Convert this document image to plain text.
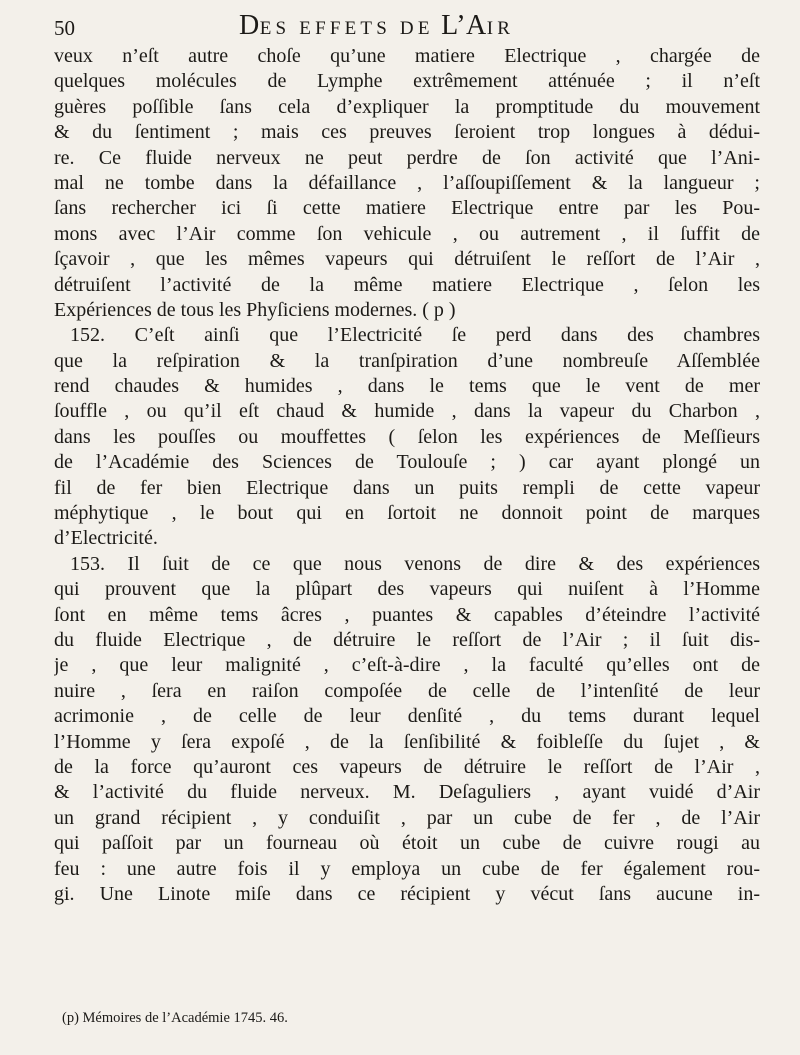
50	DES EFFETS DE L’AIR
veux n’eſt autre choſe qu’une matiere Electrique , chargée de
quelques molécules de Lymphe extrêmement atténuée ; il n’eſt
guères poſſible ſans cela d’expliquer la promptitude du mouvement
& du ſentiment ; mais ces preuves ſeroient trop longues à dédui-
re. Ce fluide nerveux ne peut perdre de ſon activité que l’Ani-
mal ne tombe dans la défaillance , l’aſſoupiſſement & la langueur ;
ſans rechercher ici ſi cette matiere Electrique entre par les Pou-
mons avec l’Air comme ſon vehicule , ou autrement , il ſuffit de
ſçavoir , que les mêmes vapeurs qui détruiſent le reſſort de l’Air ,
détruiſent l’activité de la même matiere Electrique , ſelon les
Expériences de tous les Phyſiciens modernes. ( p )
152. C’eſt ainſi que l’Electricité ſe perd dans des chambres
que la reſpiration & la tranſpiration d’une nombreuſe Aſſemblée
rend chaudes & humides , dans le tems que le vent de mer
ſouffle , ou qu’il eſt chaud & humide , dans la vapeur du Charbon ,
dans les pouſſes ou mouffettes ( ſelon les expériences de Meſſieurs
de l’Académie des Sciences de Toulouſe ; ) car ayant plongé un
fil de fer bien Electrique dans un puits rempli de cette vapeur
méphytique , le bout qui en ſortoit ne donnoit point de marques
d’Electricité.
153. Il ſuit de ce que nous venons de dire & des expériences
qui prouvent que la plûpart des vapeurs qui nuiſent à l’Homme
ſont en même tems âcres , puantes & capables d’éteindre l’activité
du fluide Electrique , de détruire le reſſort de l’Air ; il ſuit dis-
je , que leur malignité , c’eſt-à-dire , la faculté qu’elles ont de
nuire , ſera en raiſon compoſée de celle de l’intenſité de leur
acrimonie , de celle de leur denſité , du tems durant lequel
l’Homme y ſera expoſé , de la ſenſibilité & foibleſſe du ſujet , &
de la force qu’auront ces vapeurs de détruire le reſſort de l’Air ,
& l’activité du fluide nerveux. M. Deſaguliers , ayant vuidé d’Air
un grand récipient , y conduiſit , par un cube de fer , de l’Air
qui paſſoit par un fourneau où étoit un cube de cuivre rougi au
feu : une autre fois il y employa un cube de fer également rou-
gi. Une Linote miſe dans ce récipient y vécut ſans aucune in-
(p) Mémoires de l’Académie 1745. 46.
